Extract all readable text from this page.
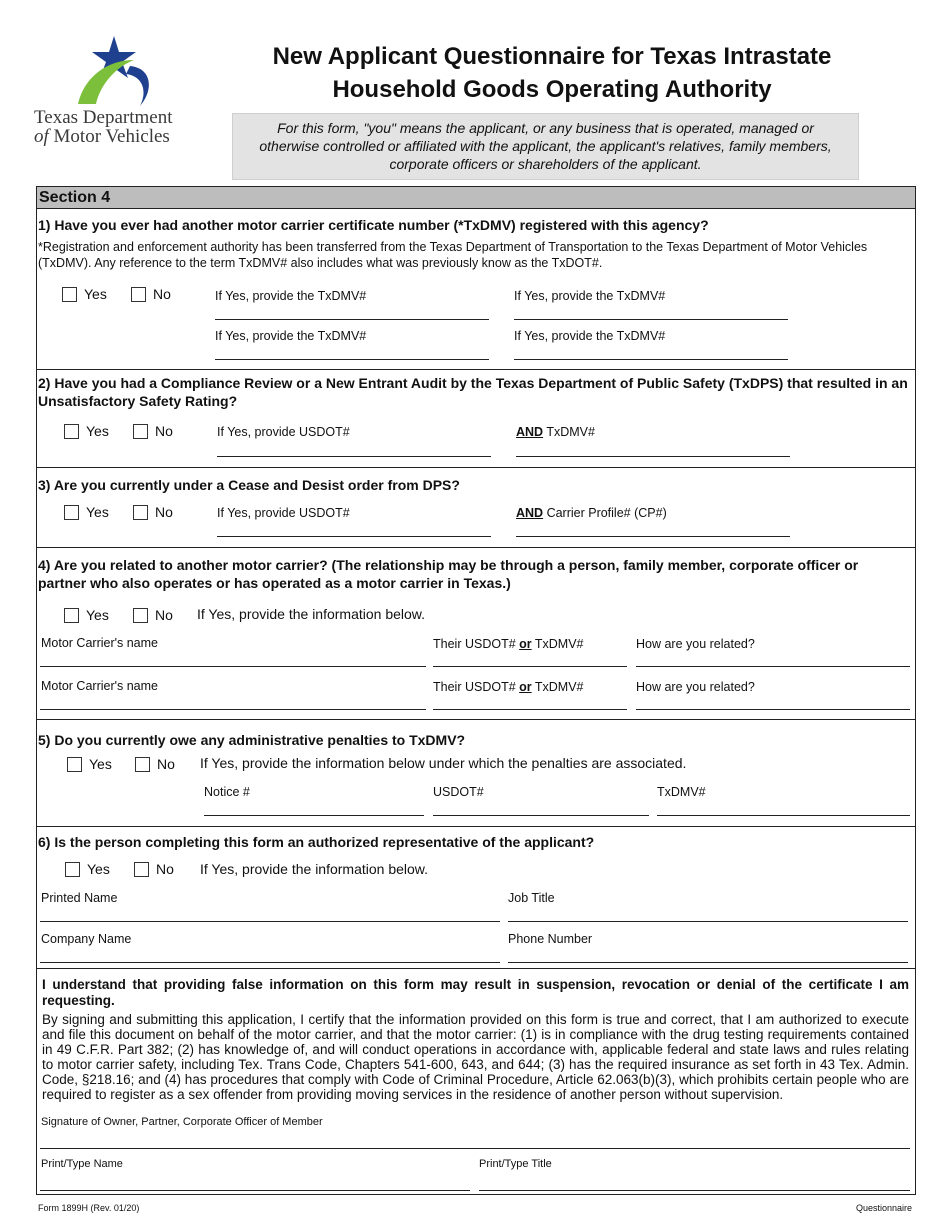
Texas Department
of Motor Vehicles
New Applicant Questionnaire for Texas Intrastate
Household Goods Operating Authority
For this form, "you" means the applicant, or any business that is operated, managed or otherwise controlled or affiliated with the applicant, the applicant's relatives, family members, corporate officers or shareholders of the applicant.
Section 4
1) Have you ever had another motor carrier certificate number (*TxDMV) registered with this agency?
*Registration and enforcement authority has been transferred from the Texas Department of Transportation to the Texas Department of Motor Vehicles (TxDMV). Any reference to the term TxDMV# also includes what was previously know as the TxDOT#.
Yes	No	If Yes, provide the TxDMV#	If Yes, provide the TxDMV#
If Yes, provide the TxDMV#	If Yes, provide the TxDMV#
2) Have you had a Compliance Review or a New Entrant Audit by the Texas Department of Public Safety (TxDPS) that resulted in an Unsatisfactory Safety Rating?
Yes	No	If Yes, provide USDOT#	AND TxDMV#
3) Are you currently under a Cease and Desist order from DPS?
Yes	No	If Yes, provide USDOT#	AND Carrier Profile# (CP#)
4) Are you related to another motor carrier? (The relationship may be through a person, family member, corporate officer or partner who also operates or has operated as a motor carrier in Texas.)
Yes	No If Yes, provide the information below.
Motor Carrier's name	Their USDOT# or TxDMV#	How are you related?
Motor Carrier's name	Their USDOT# or TxDMV#	How are you related?
5) Do you currently owe any administrative penalties to TxDMV?
Yes	No If Yes, provide the information below under which the penalties are associated.
Notice #	USDOT#	TxDMV#
6) Is the person completing this form an authorized representative of the applicant?
Yes	No If Yes, provide the information below.
Printed Name	Job Title
Company Name	Phone Number
I understand that providing false information on this form may result in suspension, revocation or denial of the certificate I am requesting.
By signing and submitting this application, I certify that the information provided on this form is true and correct, that I am authorized to execute and file this document on behalf of the motor carrier, and that the motor carrier: (1) is in compliance with the drug testing requirements contained in 49 C.F.R. Part 382; (2) has knowledge of, and will conduct operations in accordance with, applicable federal and state laws and rules relating to motor carrier safety, including Tex. Trans Code, Chapters 541-600, 643, and 644; (3) has the required insurance as set forth in 43 Tex. Admin. Code, §218.16; and (4) has procedures that comply with Code of Criminal Procedure, Article 62.063(b)(3), which prohibits certain people who are required to register as a sex offender from providing moving services in the residence of another person without supervision.
Signature of Owner, Partner, Corporate Officer of Member
Print/Type Name	Print/Type Title
Form 1899H (Rev. 01/20)	Questionnaire
